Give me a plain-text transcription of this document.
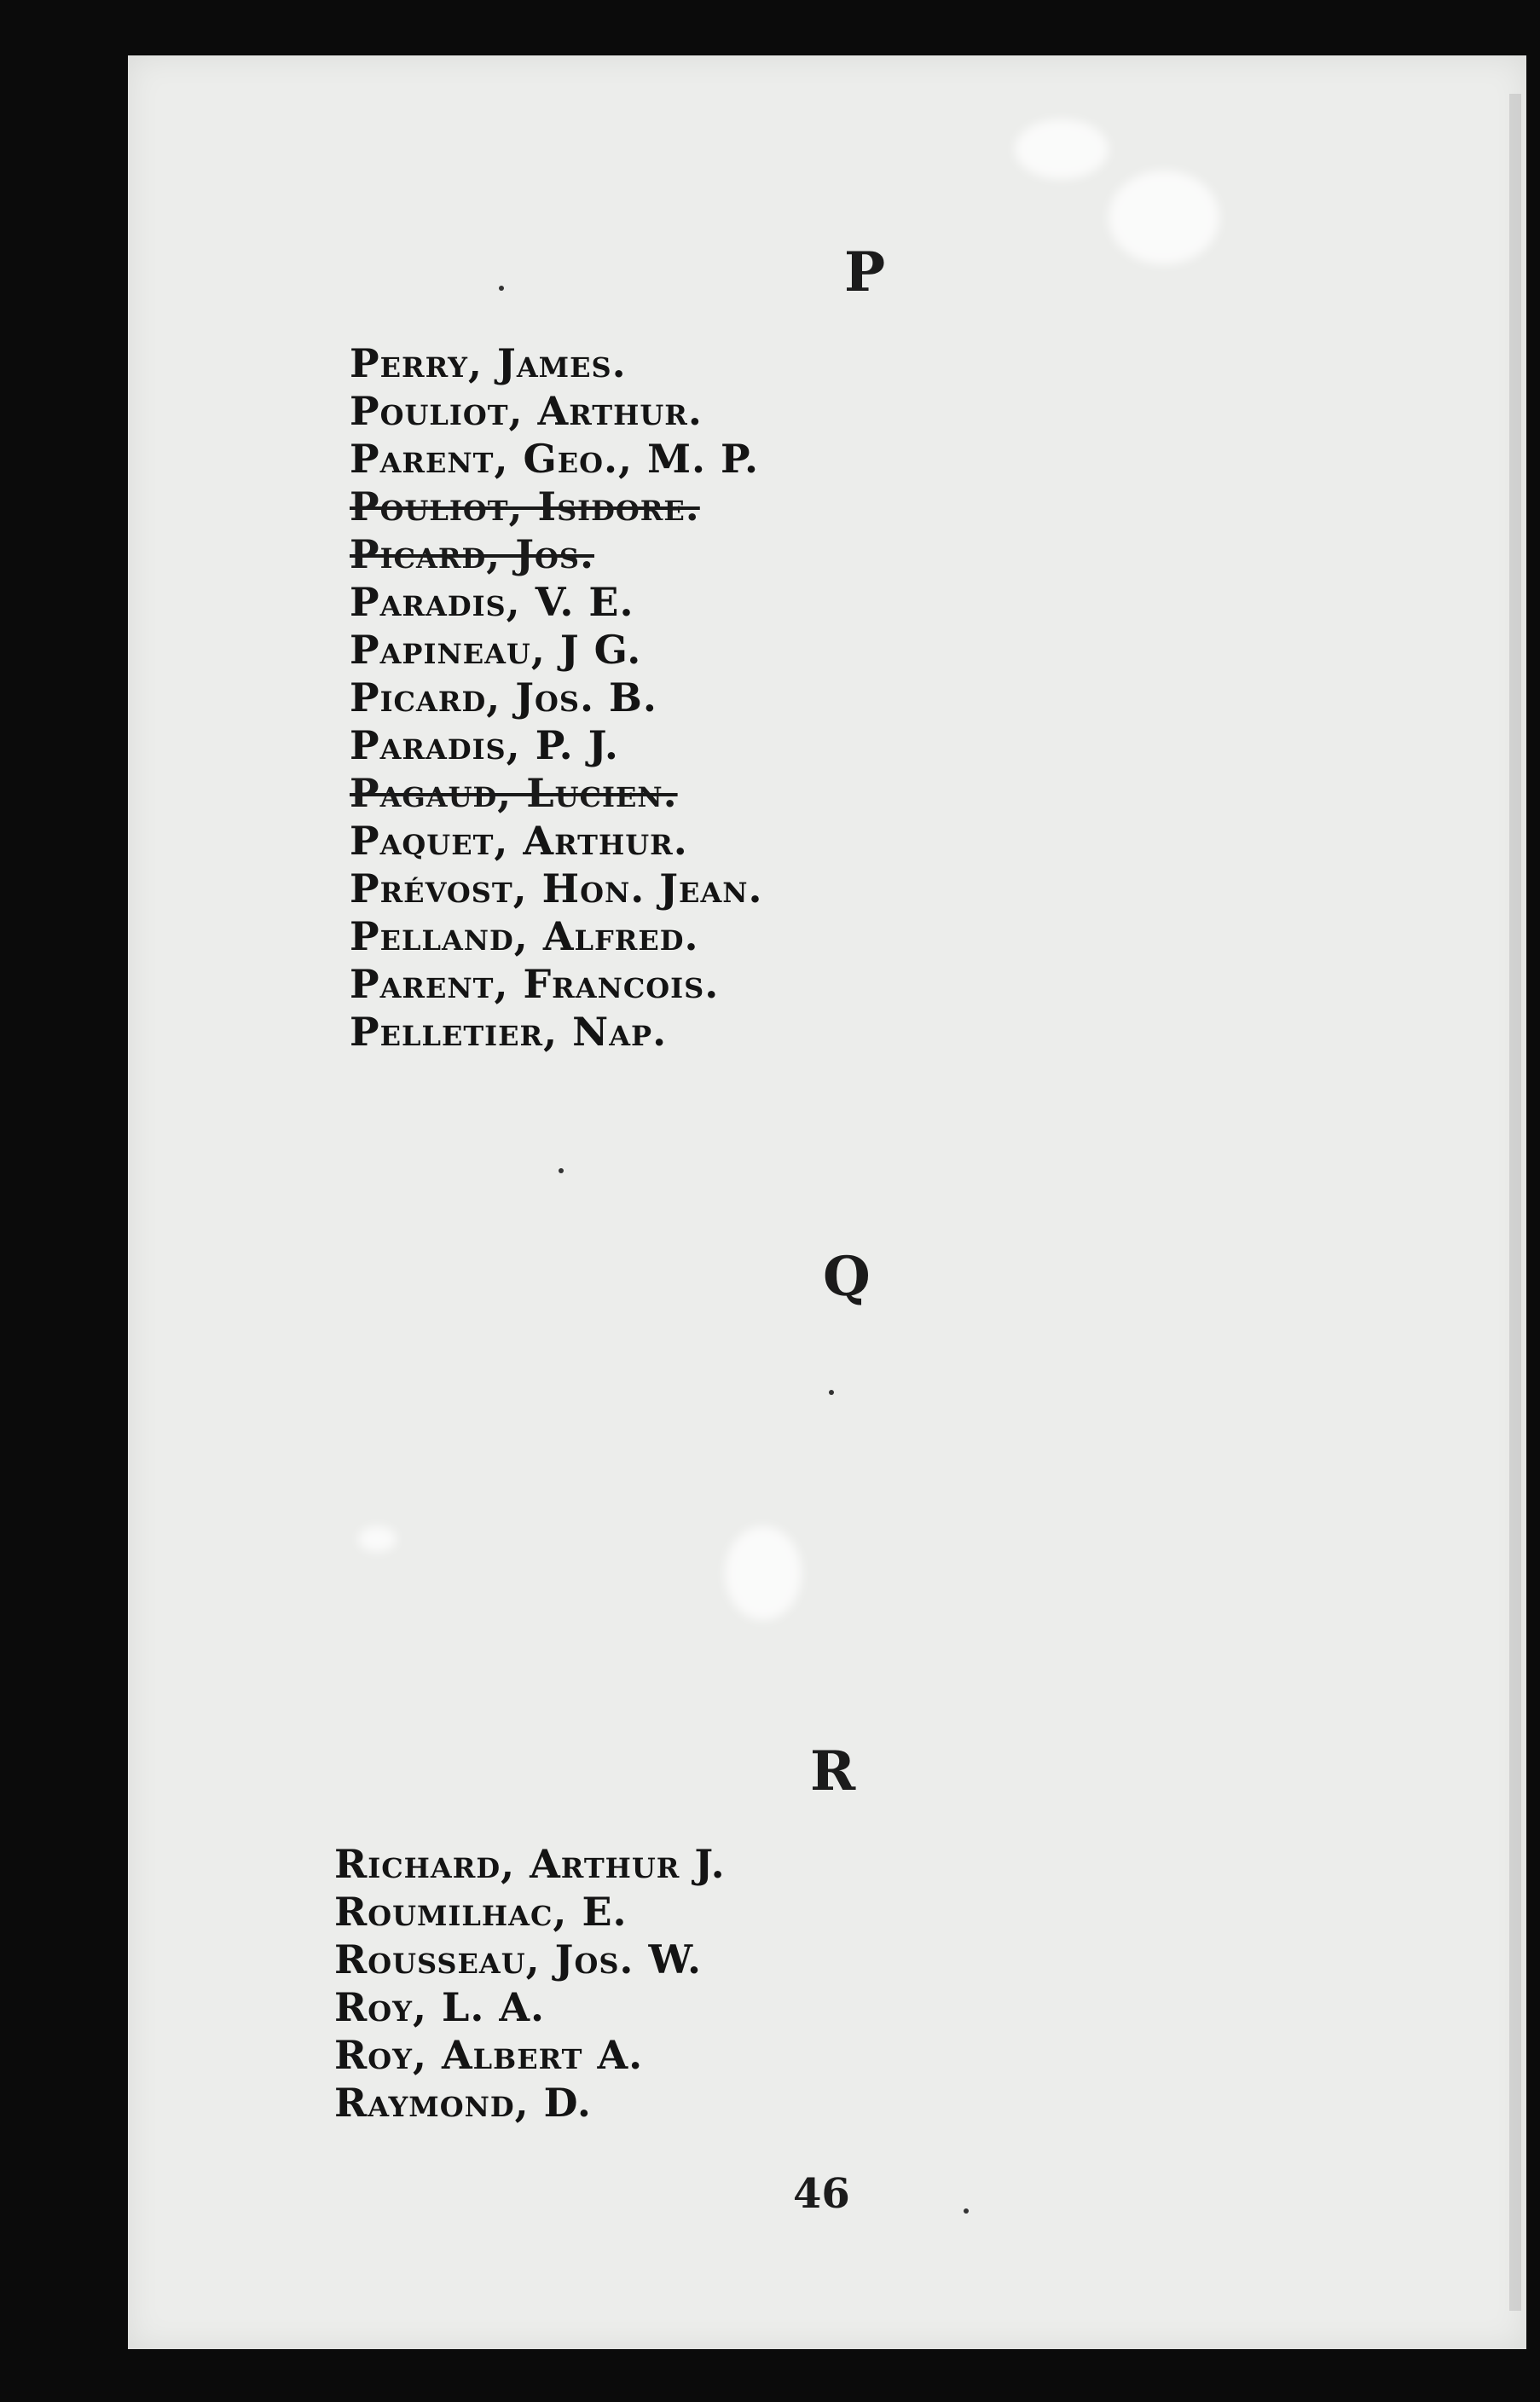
P
Perry, James.
Pouliot, Arthur.
Parent, Geo., M. P.
Pouliot, Isidore.
Picard, Jos.
Paradis, V. E.
Papineau, J G.
Picard, Jos. B.
Paradis, P. J.
Pagaud, Lucien.
Paquet, Arthur.
Prévost, Hon. Jean.
Pelland, Alfred.
Parent, Francois.
Pelletier, Nap.
Q
R
Richard, Arthur J.
Roumilhac, E.
Rousseau, Jos. W.
Roy, L. A.
Roy, Albert A.
Raymond, D.
46
